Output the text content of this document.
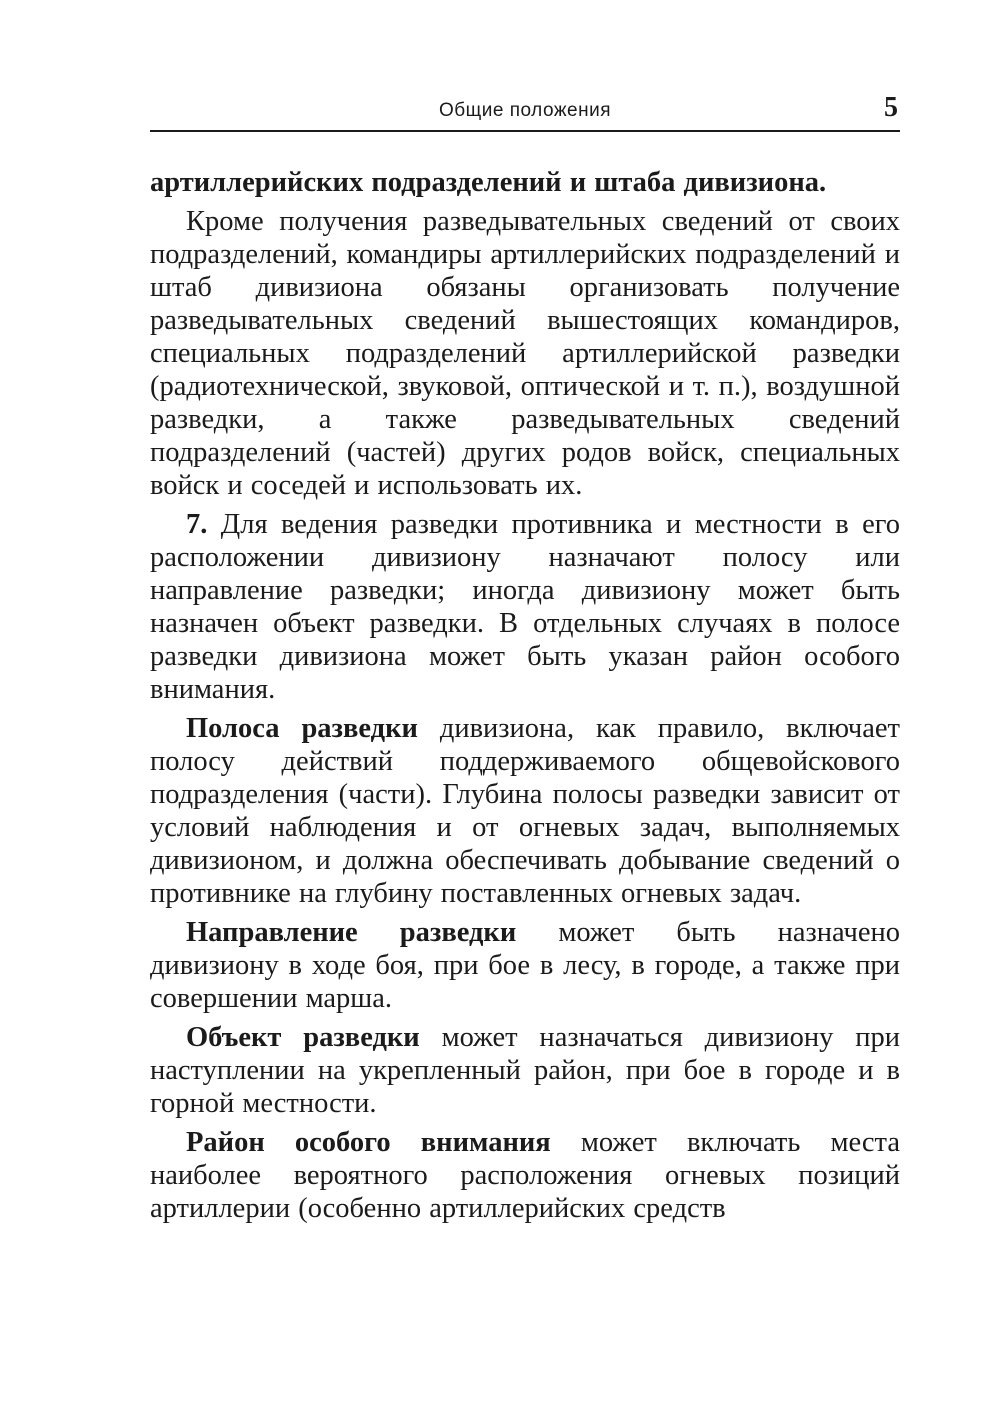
Общие положения	5

артиллерийских подразделений и штаба дивизиона.

Кроме получения разведывательных сведений от своих подразделений, командиры артиллерийских подразделений и штаб дивизиона обязаны организовать получение разведывательных сведений вышестоящих командиров, специальных подразделений артиллерийской разведки (радиотехнической, звуковой, оптической и т. п.), воздушной разведки, а также разведывательных сведений подразделений (частей) других родов войск, специальных войск и соседей и использовать их.

7. Для ведения разведки противника и местности в его расположении дивизиону назначают полосу или направление разведки; иногда дивизиону может быть назначен объект разведки. В отдельных случаях в полосе разведки дивизиона может быть указан район особого внимания.

Полоса разведки дивизиона, как правило, включает полосу действий поддерживаемого общевойскового подразделения (части). Глубина полосы разведки зависит от условий наблюдения и от огневых задач, выполняемых дивизионом, и должна обеспечивать добывание сведений о противнике на глубину поставленных огневых задач.

Направление разведки может быть назначено дивизиону в ходе боя, при бое в лесу, в городе, а также при совершении марша.

Объект разведки может назначаться дивизиону при наступлении на укрепленный район, при бое в городе и в горной местности.

Район особого внимания может включать места наиболее вероятного расположения огневых позиций артиллерии (особенно артиллерийских средств
